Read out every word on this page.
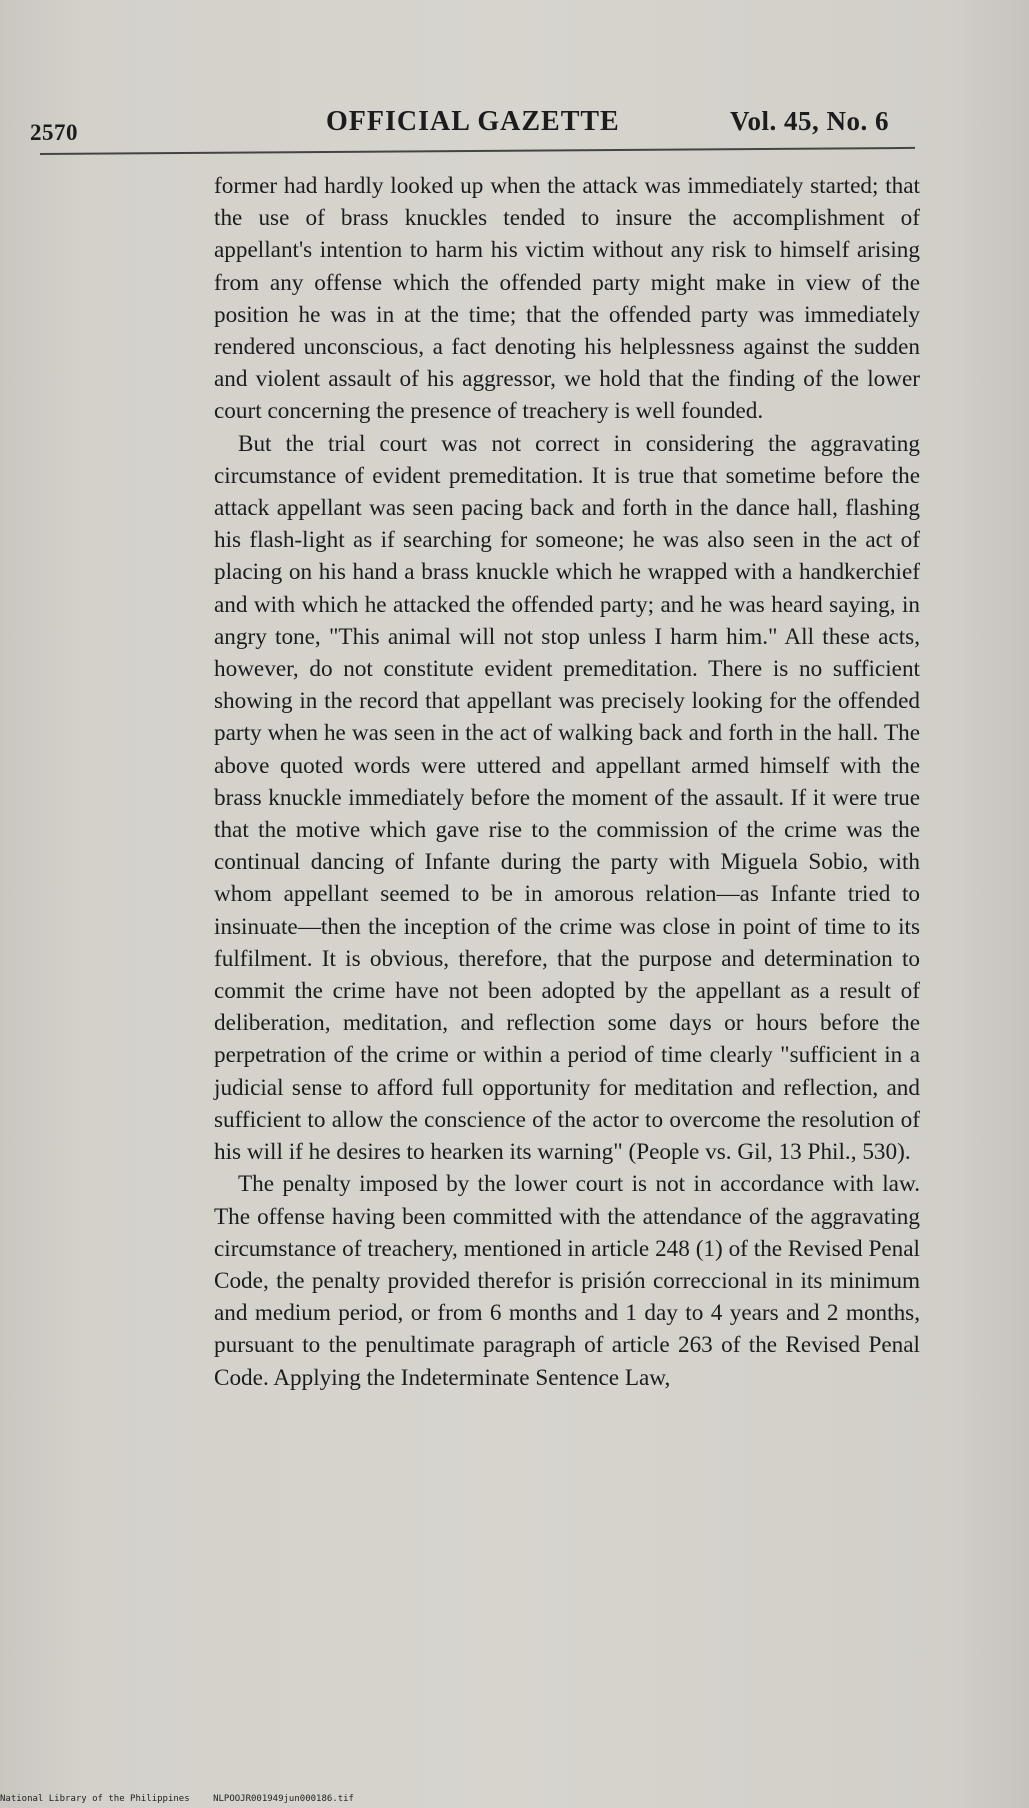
2570	OFFICIAL GAZETTE	Vol. 45, No. 6

former had hardly looked up when the attack was immediately started; that the use of brass knuckles tended to insure the accomplishment of appellant's intention to harm his victim without any risk to himself arising from any offense which the offended party might make in view of the position he was in at the time; that the offended party was immediately rendered unconscious, a fact denoting his helplessness against the sudden and violent assault of his aggressor, we hold that the finding of the lower court concerning the presence of treachery is well founded.

But the trial court was not correct in considering the aggravating circumstance of evident premeditation. It is true that sometime before the attack appellant was seen pacing back and forth in the dance hall, flashing his flash-light as if searching for someone; he was also seen in the act of placing on his hand a brass knuckle which he wrapped with a handkerchief and with which he attacked the offended party; and he was heard saying, in angry tone, "This animal will not stop unless I harm him." All these acts, however, do not constitute evident premeditation. There is no sufficient showing in the record that appellant was precisely looking for the offended party when he was seen in the act of walking back and forth in the hall. The above quoted words were uttered and appellant armed himself with the brass knuckle immediately before the moment of the assault. If it were true that the motive which gave rise to the commission of the crime was the continual dancing of Infante during the party with Miguela Sobio, with whom appellant seemed to be in amorous relation—as Infante tried to insinuate—then the inception of the crime was close in point of time to its fulfilment. It is obvious, therefore, that the purpose and determination to commit the crime have not been adopted by the appellant as a result of deliberation, meditation, and reflection some days or hours before the perpetration of the crime or within a period of time clearly "sufficient in a judicial sense to afford full opportunity for meditation and reflection, and sufficient to allow the conscience of the actor to overcome the resolution of his will if he desires to hearken its warning" (People vs. Gil, 13 Phil., 530).

The penalty imposed by the lower court is not in accordance with law. The offense having been committed with the attendance of the aggravating circumstance of treachery, mentioned in article 248 (1) of the Revised Penal Code, the penalty provided therefor is prisión correccional in its minimum and medium period, or from 6 months and 1 day to 4 years and 2 months, pursuant to the penultimate paragraph of article 263 of the Revised Penal Code. Applying the Indeterminate Sentence Law,

National Library of the Philippines	NLPOOJR001949jun000186.tif
